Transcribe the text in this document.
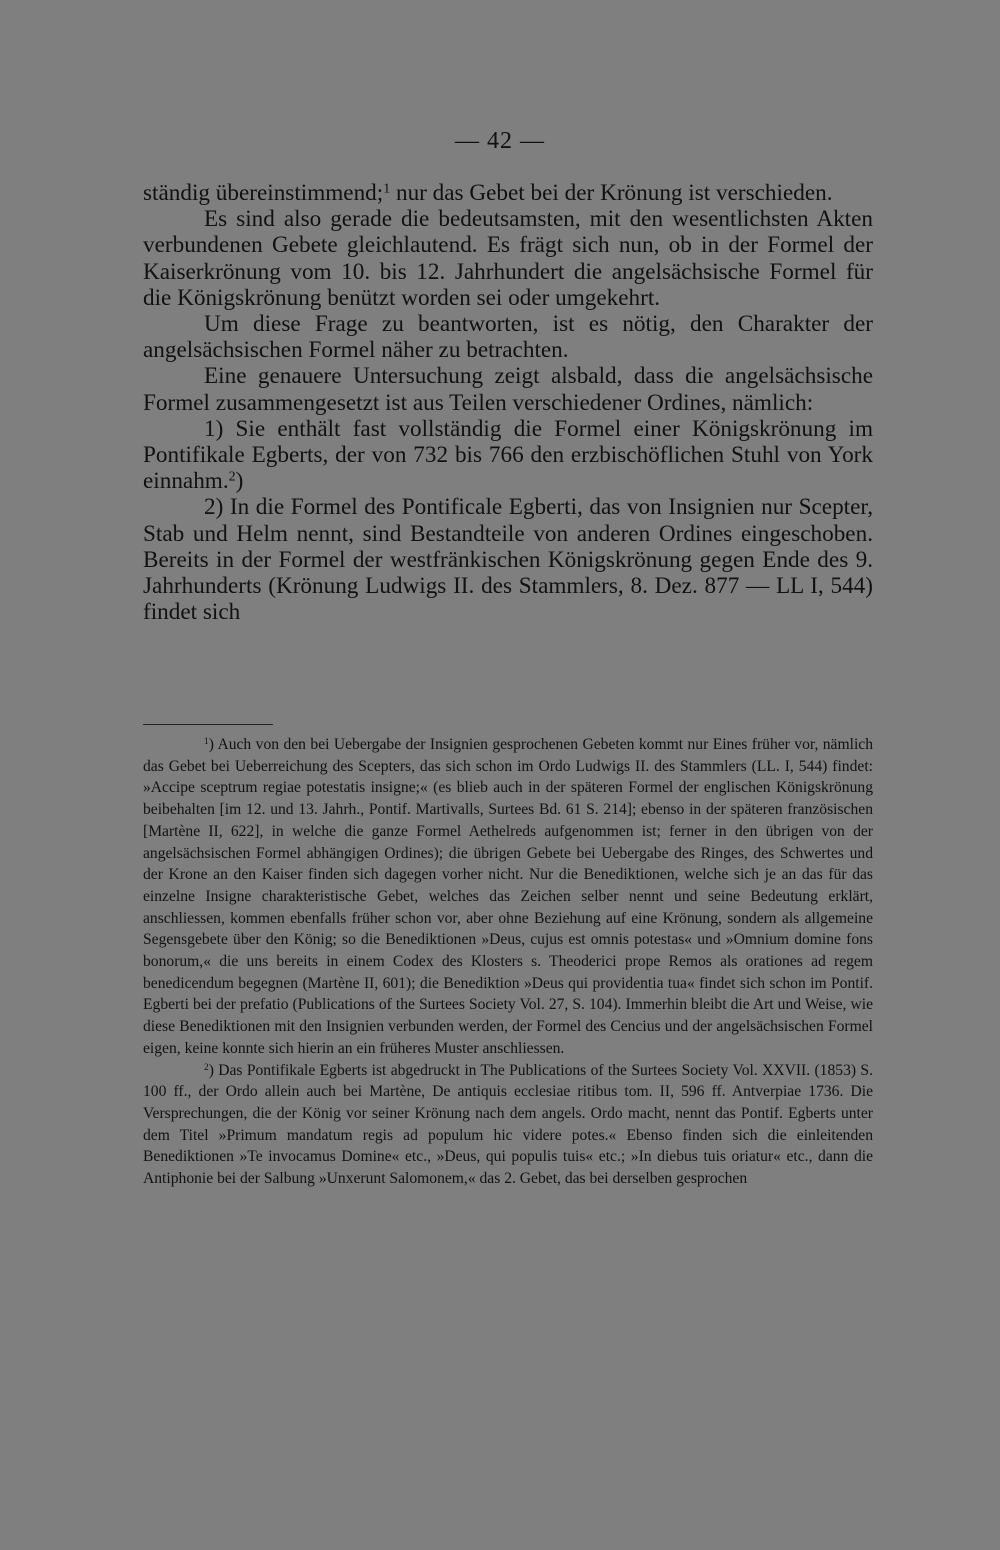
— 42 —

ständig übereinstimmend;$^1$ nur das Gebet bei der Krönung ist verschieden.

Es sind also gerade die bedeutsamsten, mit den wesentlichsten Akten verbundenen Gebete gleichlautend. Es frägt sich nun, ob in der Formel der Kaiserkrönung vom 10. bis 12. Jahrhundert die angelsächsische Formel für die Königskrönung benützt worden sei oder umgekehrt.

Um diese Frage zu beantworten, ist es nötig, den Charakter der angelsächsischen Formel näher zu betrachten.

Eine genauere Untersuchung zeigt alsbald, dass die angelsächsische Formel zusammengesetzt ist aus Teilen verschiedener Ordines, nämlich:

1) Sie enthält fast vollständig die Formel einer Königskrönung im Pontifikale Egberts, der von 732 bis 766 den erzbischöflichen Stuhl von York einnahm.$^2$)

2) In die Formel des Pontificale Egberti, das von Insignien nur Scepter, Stab und Helm nennt, sind Bestandteile von anderen Ordines eingeschoben. Bereits in der Formel der westfränkischen Königskrönung gegen Ende des 9. Jahrhunderts (Krönung Ludwigs II. des Stammlers, 8. Dez. 877 — LL I, 544) findet sich

$^1$) Auch von den bei Uebergabe der Insignien gesprochenen Gebeten kommt nur Eines früher vor, nämlich das Gebet bei Ueberreichung des Scepters, das sich schon im Ordo Ludwigs II. des Stammlers (LL. I, 544) findet: »Accipe sceptrum regiae potestatis insigne;« (es blieb auch in der späteren Formel der englischen Königskrönung beibehalten [im 12. und 13. Jahrh., Pontif. Martivalls, Surtees Bd. 61 S. 214]; ebenso in der späteren französischen [Martène II, 622], in welche die ganze Formel Aethelreds aufgenommen ist; ferner in den übrigen von der angelsächsischen Formel abhängigen Ordines); die übrigen Gebete bei Uebergabe des Ringes, des Schwertes und der Krone an den Kaiser finden sich dagegen vorher nicht. Nur die Benediktionen, welche sich je an das für das einzelne Insigne charakteristische Gebet, welches das Zeichen selber nennt und seine Bedeutung erklärt, anschliessen, kommen ebenfalls früher schon vor, aber ohne Beziehung auf eine Krönung, sondern als allgemeine Segensgebete über den König; so die Benediktionen »Deus, cujus est omnis potestas« und »Omnium domine fons bonorum,« die uns bereits in einem Codex des Klosters s. Theoderici prope Remos als orationes ad regem benedicendum begegnen (Martène II, 601); die Benediktion »Deus qui providentia tua« findet sich schon im Pontif. Egberti bei der prefatio (Publications of the Surtees Society Vol. 27, S. 104). Immerhin bleibt die Art und Weise, wie diese Benediktionen mit den Insignien verbunden werden, der Formel des Cencius und der angelsächsischen Formel eigen, keine konnte sich hierin an ein früheres Muster anschliessen.

$^2$) Das Pontifikale Egberts ist abgedruckt in The Publications of the Surtees Society Vol. XXVII. (1853) S. 100 ff., der Ordo allein auch bei Martène, De antiquis ecclesiae ritibus tom. II, 596 ff. Antverpiae 1736. Die Versprechungen, die der König vor seiner Krönung nach dem angels. Ordo macht, nennt das Pontif. Egberts unter dem Titel »Primum mandatum regis ad populum hic videre potes.« Ebenso finden sich die einleitenden Benediktionen »Te invocamus Domine« etc., »Deus, qui populis tuis« etc.; »In diebus tuis oriatur« etc., dann die Antiphonie bei der Salbung »Unxerunt Salomonem,« das 2. Gebet, das bei derselben gesprochen
